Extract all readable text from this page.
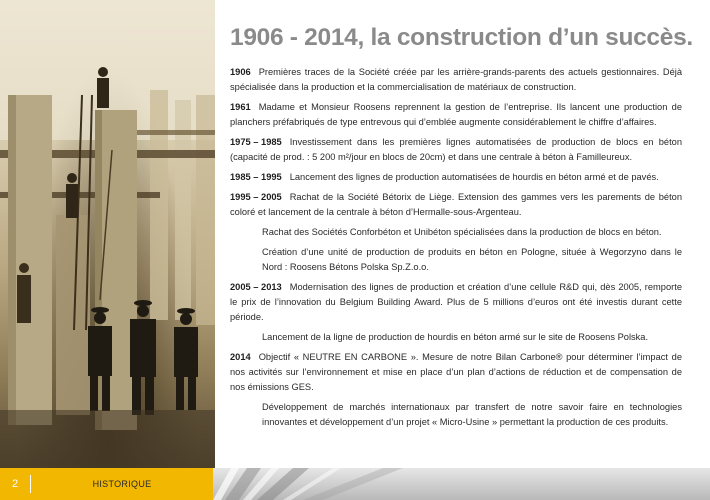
1906 - 2014, la construction d’un succès.
1906 Premières traces de la Société créée par les arrière-grands-parents des actuels gestionnaires. Déjà spécialisée dans la production et la commercialisation de matériaux de construction.

1961 Madame et Monsieur Roosens reprennent la gestion de l’entreprise. Ils lancent une production de planchers préfabriqués de type entrevous qui d’emblée augmente considérablement le chiffre d’affaires.

1975 – 1985 Investissement dans les premières lignes automatisées de production de blocs en béton (capacité de prod. : 5 200 m²/jour en blocs de 20cm) et dans une centrale à béton à Familleureux.

1985 – 1995 Lancement des lignes de production automatisées de hourdis en béton armé et de pavés.

1995 – 2005 Rachat de la Société Bétorix de Liège. Extension des gammes vers les parements de béton coloré et lancement de la centrale à béton d’Hermalle-sous-Argenteau.

Rachat des Sociétés Conforbéton et Unibéton spécialisées dans la production de blocs en béton.

Création d’une unité de production de produits en béton en Pologne, située à Wegorzyno dans le Nord : Roosens Bétons Polska Sp.Z.o.o.

2005 – 2013 Modernisation des lignes de production et création d’une cellule R&D qui, dès 2005, remporte le prix de l’innovation du Belgium Building Award. Plus de 5 millions d’euros ont été investis durant cette période.

Lancement de la ligne de production de hourdis en béton armé sur le site de Roosens Polska.

2014 Objectif « NEUTRE EN CARBONE ». Mesure de notre Bilan Carbone® pour déterminer l’impact de nos activités sur l’environnement et mise en place d’un plan d’actions de réduction et de compensation de nos émissions GES.

Développement de marchés internationaux par transfert de notre savoir faire en technologies innovantes et développement d’un projet « Micro-Usine » permettant la production de ces produits.

2	HISTORIQUE
